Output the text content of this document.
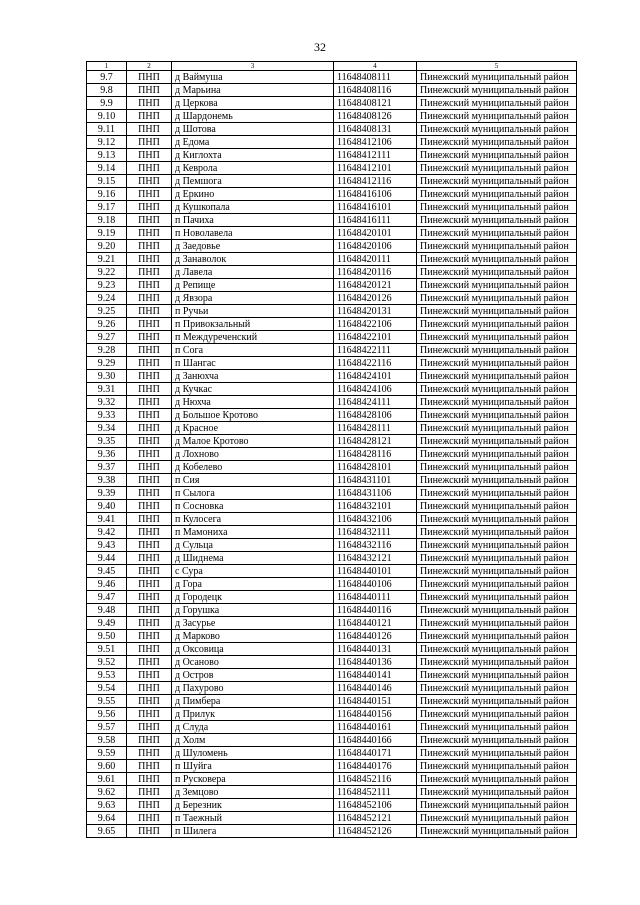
32
1	2	3	4	5
9.7	ПНП	д Ваймуша	11648408111	Пинежский муниципальный район
9.8	ПНП	д Марьина	11648408116	Пинежский муниципальный район
9.9	ПНП	д Церкова	11648408121	Пинежский муниципальный район
9.10	ПНП	д Шардонемь	11648408126	Пинежский муниципальный район
9.11	ПНП	д Шотова	11648408131	Пинежский муниципальный район
9.12	ПНП	д Едома	11648412106	Пинежский муниципальный район
9.13	ПНП	д Киглохта	11648412111	Пинежский муниципальный район
9.14	ПНП	д Кеврола	11648412101	Пинежский муниципальный район
9.15	ПНП	д Пемшога	11648412116	Пинежский муниципальный район
9.16	ПНП	д Еркино	11648416106	Пинежский муниципальный район
9.17	ПНП	д Кушкопала	11648416101	Пинежский муниципальный район
9.18	ПНП	п Пачиха	11648416111	Пинежский муниципальный район
9.19	ПНП	п Новолавела	11648420101	Пинежский муниципальный район
9.20	ПНП	д Заедовье	11648420106	Пинежский муниципальный район
9.21	ПНП	д Занаволок	11648420111	Пинежский муниципальный район
9.22	ПНП	д Лавела	11648420116	Пинежский муниципальный район
9.23	ПНП	д Репище	11648420121	Пинежский муниципальный район
9.24	ПНП	д Явзора	11648420126	Пинежский муниципальный район
9.25	ПНП	п Ручьи	11648420131	Пинежский муниципальный район
9.26	ПНП	п Привокзальный	11648422106	Пинежский муниципальный район
9.27	ПНП	п Междуреченский	11648422101	Пинежский муниципальный район
9.28	ПНП	п Сога	11648422111	Пинежский муниципальный район
9.29	ПНП	п Шангас	11648422116	Пинежский муниципальный район
9.30	ПНП	д Занюхча	11648424101	Пинежский муниципальный район
9.31	ПНП	д Кучкас	11648424106	Пинежский муниципальный район
9.32	ПНП	д Нюхча	11648424111	Пинежский муниципальный район
9.33	ПНП	д Большое Кротово	11648428106	Пинежский муниципальный район
9.34	ПНП	д Красное	11648428111	Пинежский муниципальный район
9.35	ПНП	д Малое Кротово	11648428121	Пинежский муниципальный район
9.36	ПНП	д Лохново	11648428116	Пинежский муниципальный район
9.37	ПНП	д Кобелево	11648428101	Пинежский муниципальный район
9.38	ПНП	п Сия	11648431101	Пинежский муниципальный район
9.39	ПНП	п Сылога	11648431106	Пинежский муниципальный район
9.40	ПНП	п Сосновка	11648432101	Пинежский муниципальный район
9.41	ПНП	п Кулосега	11648432106	Пинежский муниципальный район
9.42	ПНП	п Мамониха	11648432111	Пинежский муниципальный район
9.43	ПНП	д Сульца	11648432116	Пинежский муниципальный район
9.44	ПНП	д Шиднема	11648432121	Пинежский муниципальный район
9.45	ПНП	с Сура	11648440101	Пинежский муниципальный район
9.46	ПНП	д Гора	11648440106	Пинежский муниципальный район
9.47	ПНП	д Городецк	11648440111	Пинежский муниципальный район
9.48	ПНП	д Горушка	11648440116	Пинежский муниципальный район
9.49	ПНП	д Засурье	11648440121	Пинежский муниципальный район
9.50	ПНП	д Марково	11648440126	Пинежский муниципальный район
9.51	ПНП	д Оксовица	11648440131	Пинежский муниципальный район
9.52	ПНП	д Осаново	11648440136	Пинежский муниципальный район
9.53	ПНП	д Остров	11648440141	Пинежский муниципальный район
9.54	ПНП	д Пахурово	11648440146	Пинежский муниципальный район
9.55	ПНП	д Пимбера	11648440151	Пинежский муниципальный район
9.56	ПНП	д Прилук	11648440156	Пинежский муниципальный район
9.57	ПНП	д Слуда	11648440161	Пинежский муниципальный район
9.58	ПНП	д Холм	11648440166	Пинежский муниципальный район
9.59	ПНП	д Шуломень	11648440171	Пинежский муниципальный район
9.60	ПНП	п Шуйга	11648440176	Пинежский муниципальный район
9.61	ПНП	п Русковера	11648452116	Пинежский муниципальный район
9.62	ПНП	д Земцово	11648452111	Пинежский муниципальный район
9.63	ПНП	д Березник	11648452106	Пинежский муниципальный район
9.64	ПНП	п Таежный	11648452121	Пинежский муниципальный район
9.65	ПНП	п Шилега	11648452126	Пинежский муниципальный район
